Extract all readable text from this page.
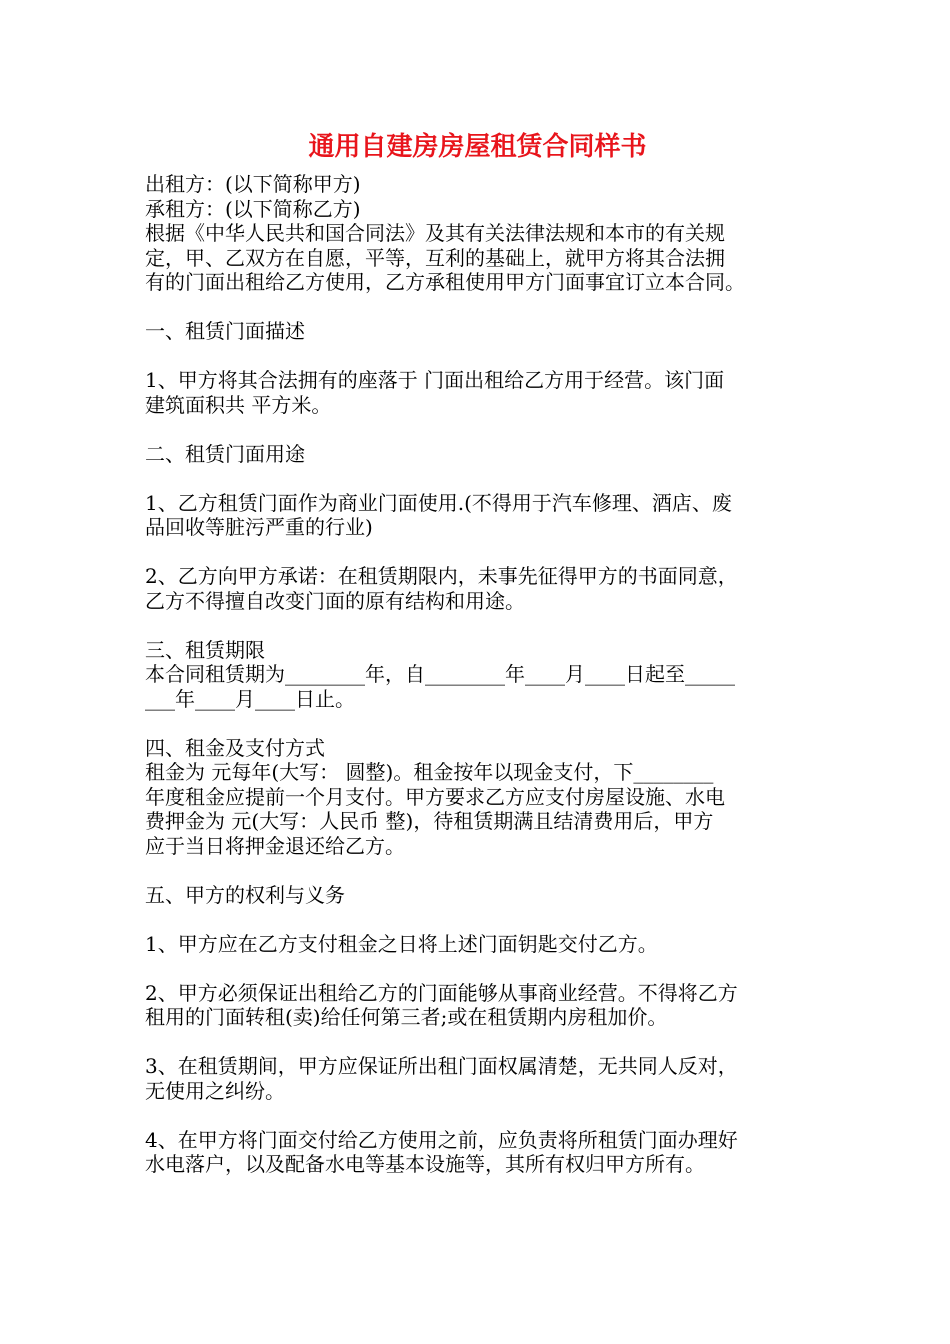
通用自建房房屋租赁合同样书
出租方：(以下简称甲方)
承租方：(以下简称乙方)
根据《中华人民共和国合同法》及其有关法律法规和本市的有关规
定，甲、乙双方在自愿，平等，互利的基础上，就甲方将其合法拥
有的门面出租给乙方使用，乙方承租使用甲方门面事宜订立本合同。
一、租赁门面描述
1、甲方将其合法拥有的座落于 门面出租给乙方用于经营。该门面
建筑面积共 平方米。
二、租赁门面用途
1、乙方租赁门面作为商业门面使用.(不得用于汽车修理、酒店、废
品回收等脏污严重的行业)
2、乙方向甲方承诺：在租赁期限内，未事先征得甲方的书面同意，
乙方不得擅自改变门面的原有结构和用途。
三、租赁期限
本合同租赁期为________年，自________年____月____日起至_____
___年____月____日止。
四、租金及支付方式
租金为 元每年(大写： 圆整)。租金按年以现金支付，下________
年度租金应提前一个月支付。甲方要求乙方应支付房屋设施、水电
费押金为 元(大写：人民币 整)，待租赁期满且结清费用后，甲方
应于当日将押金退还给乙方。
五、甲方的权利与义务
1、甲方应在乙方支付租金之日将上述门面钥匙交付乙方。
2、甲方必须保证出租给乙方的门面能够从事商业经营。不得将乙方
租用的门面转租(卖)给任何第三者;或在租赁期内房租加价。
3、在租赁期间，甲方应保证所出租门面权属清楚，无共同人反对，
无使用之纠纷。
4、在甲方将门面交付给乙方使用之前，应负责将所租赁门面办理好
水电落户，以及配备水电等基本设施等，其所有权归甲方所有。
